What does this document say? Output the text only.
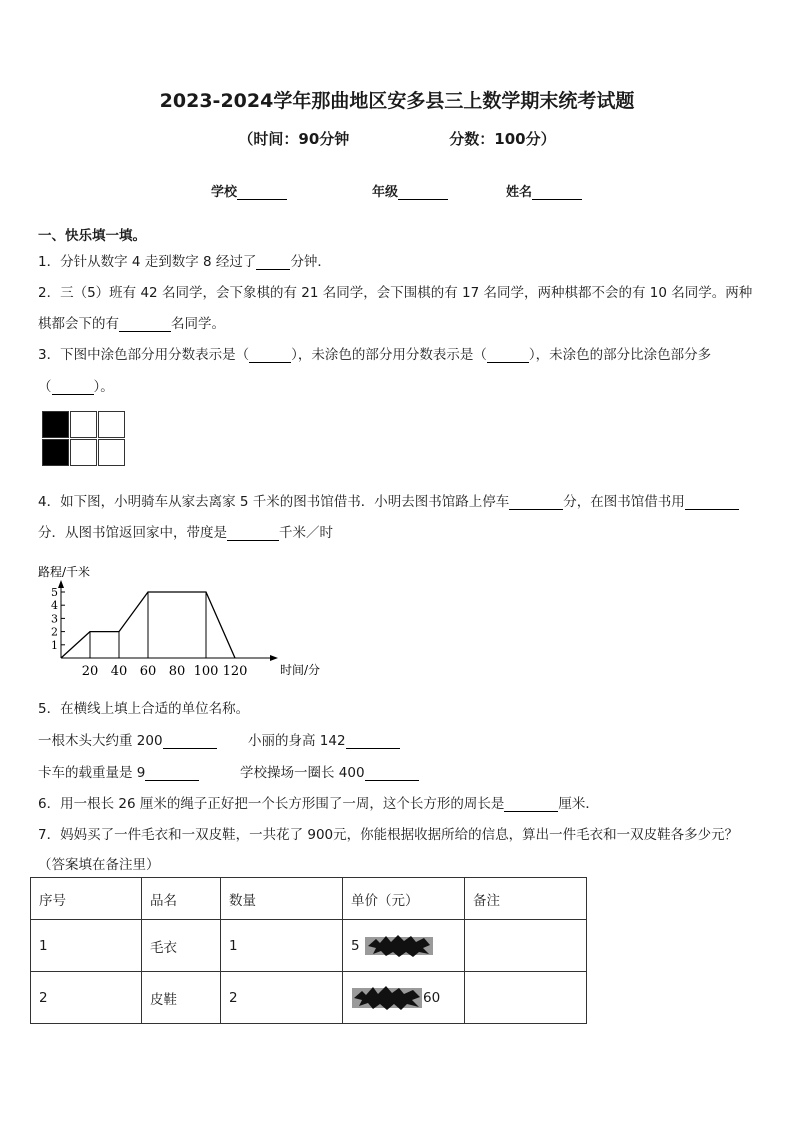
2023-2024学年那曲地区安多县三上数学期末统考试题
（时间：90分钟	分数：100分）
学校	年级	姓名
一、快乐填一填。
1．分针从数字 4 走到数字 8 经过了	分钟．
2．三（5）班有 42 名同学，会下象棋的有 21 名同学，会下围棋的有 17 名同学，两种棋都不会的有 10 名同学。两种
棋都会下的有	名同学。
3．下图中涂色部分用分数表示是（	），未涂色的部分用分数表示是（	），未涂色的部分比涂色部分多
（	）。
4．如下图，小明骑车从家去离家 5 千米的图书馆借书．小明去图书馆路上停车	分，在图书馆借书用
分．从图书馆返回家中，带度是	千米／时
路程/千米
时间/分
1
2
3
4
5
20 40 60 80 100 120
5．在横线上填上合适的单位名称。
一根木头大约重 200	小丽的身高 142
卡车的载重量是 9	学校操场一圈长 400
6．用一根长 26 厘米的绳子正好把一个长方形围了一周，这个长方形的周长是	厘米．
7．妈妈买了一件毛衣和一双皮鞋，一共花了 900元，你能根据收据所给的信息，算出一件毛衣和一双皮鞋各多少元？
（答案填在备注里）
序号	品名	数量	单价（元）	备注
1	毛衣	1	5	
2	皮鞋	2	60	
